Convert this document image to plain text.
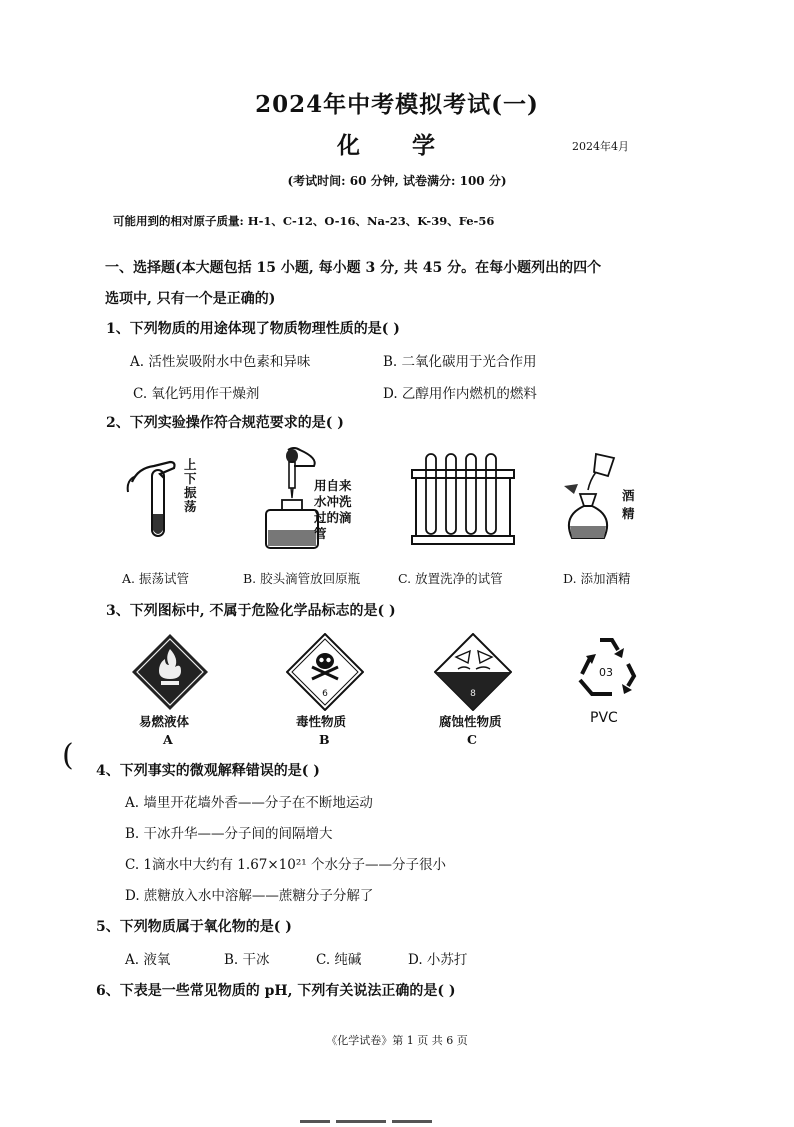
2024年中考模拟考试(一)
化 学	2024年4月
(考试时间: 60 分钟, 试卷满分: 100 分)
可能用到的相对原子质量: H-1、C-12、O-16、Na-23、K-39、Fe-56
一、选择题(本大题包括 15 小题, 每小题 3 分, 共 45 分。在每小题列出的四个
选项中, 只有一个是正确的)
1、下列物质的用途体现了物质物理性质的是( )
A. 活性炭吸附水中色素和异味	B. 二氧化碳用于光合作用
C. 氧化钙用作干燥剂	D. 乙醇用作内燃机的燃料
2、下列实验操作符合规范要求的是( )
上下振荡
用自来水冲洗过的滴管
酒精
A. 振荡试管	B. 胶头滴管放回原瓶	C. 放置洗净的试管	D. 添加酒精
3、下列图标中, 不属于危险化学品标志的是( )
易燃液体
A
6
毒性物质
B
8
腐蚀性物质
C
03
PVC
( 4、下列事实的微观解释错误的是( )
A. 墙里开花墙外香——分子在不断地运动
B. 干冰升华——分子间的间隔增大
C. 1滴水中大约有 1.67×10²¹ 个水分子——分子很小
D. 蔗糖放入水中溶解——蔗糖分子分解了
5、下列物质属于氧化物的是( )
A. 液氧	B. 干冰	C. 纯碱	D. 小苏打
6、下表是一些常见物质的 pH, 下列有关说法正确的是( )
《化学试卷》第 1 页 共 6 页
